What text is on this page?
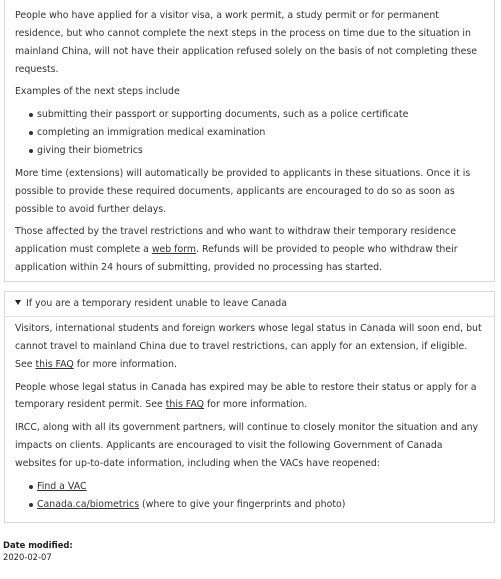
People who have applied for a visitor visa, a work permit, a study permit or for permanent residence, but who cannot complete the next steps in the process on time due to the situation in mainland China, will not have their application refused solely on the basis of not completing these requests.

Examples of the next steps include

submitting their passport or supporting documents, such as a police certificate
completing an immigration medical examination
giving their biometrics

More time (extensions) will automatically be provided to applicants in these situations. Once it is possible to provide these required documents, applicants are encouraged to do so as soon as possible to avoid further delays.

Those affected by the travel restrictions and who want to withdraw their temporary residence application must complete a web form. Refunds will be provided to people who withdraw their application within 24 hours of submitting, provided no processing has started.

If you are a temporary resident unable to leave Canada

Visitors, international students and foreign workers whose legal status in Canada will soon end, but cannot travel to mainland China due to travel restrictions, can apply for an extension, if eligible. See this FAQ for more information.

People whose legal status in Canada has expired may be able to restore their status or apply for a temporary resident permit. See this FAQ for more information.

IRCC, along with all its government partners, will continue to closely monitor the situation and any impacts on clients. Applicants are encouraged to visit the following Government of Canada websites for up-to-date information, including when the VACs have reopened:

Find a VAC
Canada.ca/biometrics (where to give your fingerprints and photo)
Date modified:
2020-02-07
